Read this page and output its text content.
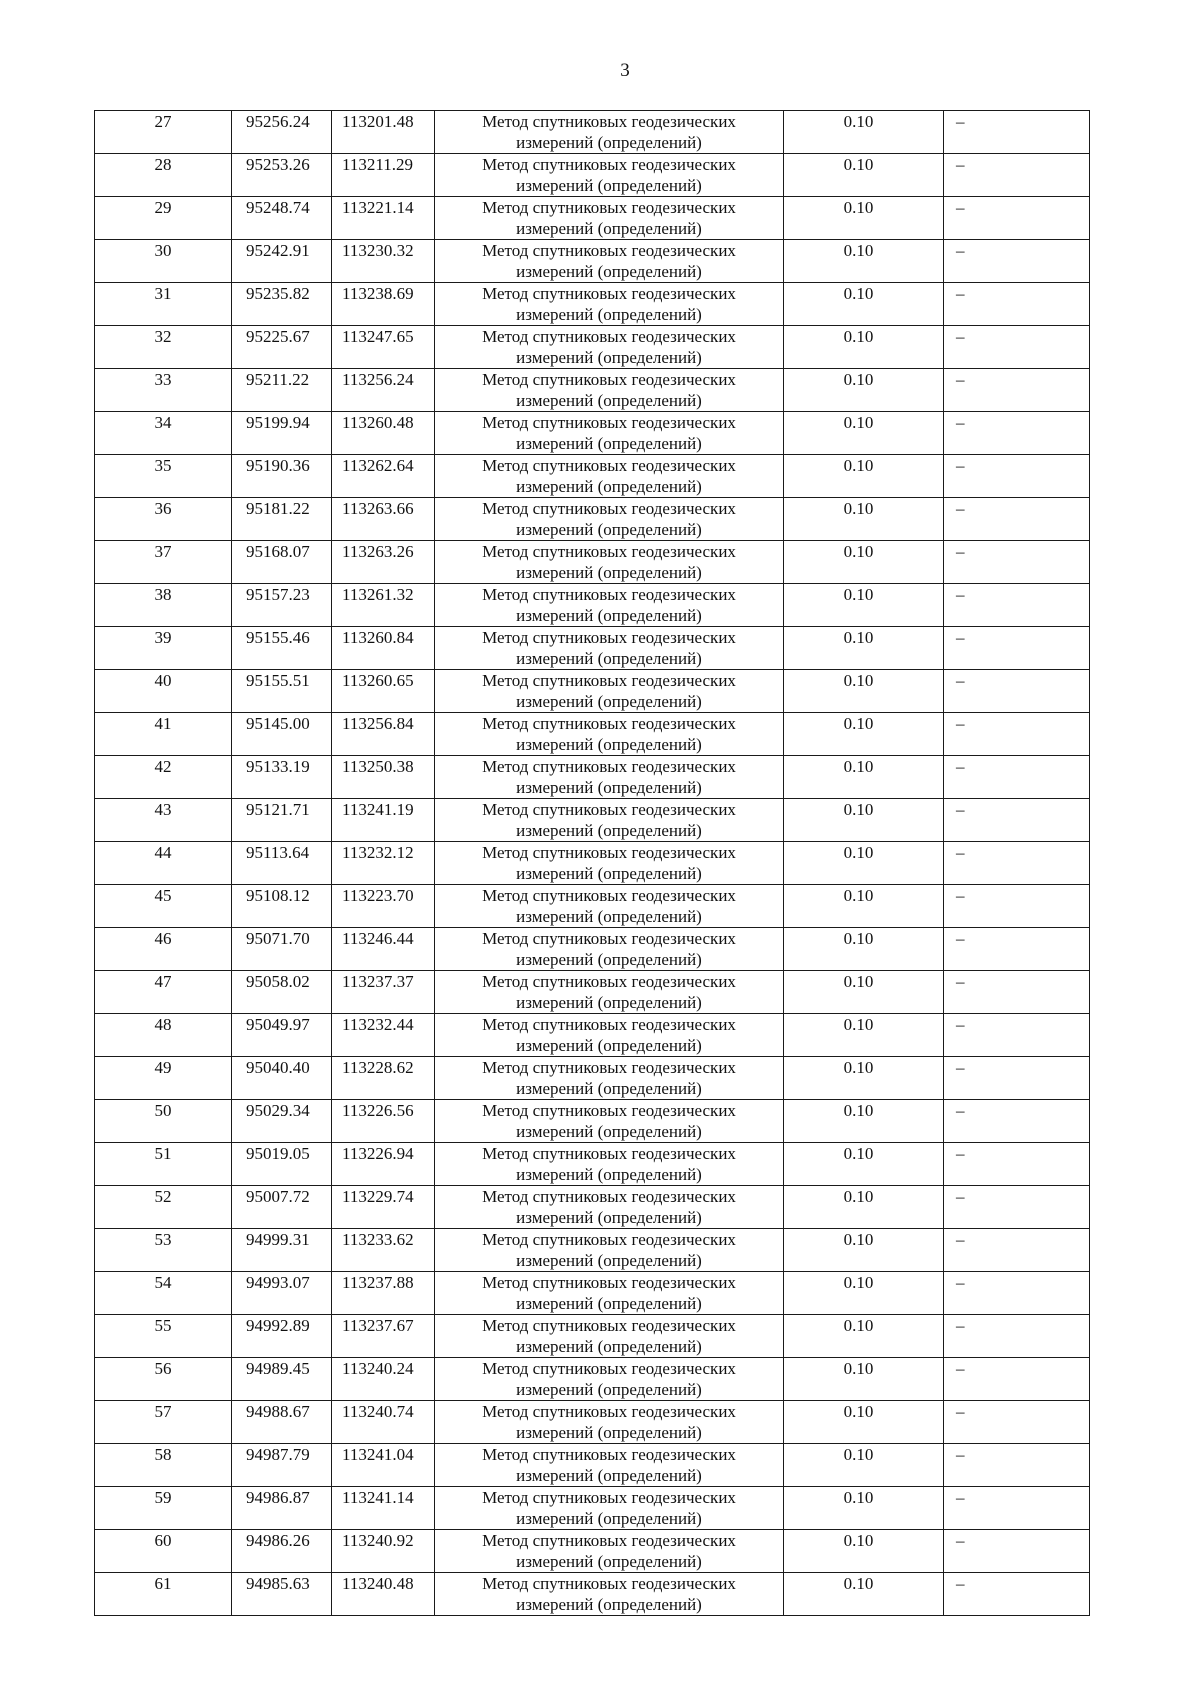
3
27	95256.24	113201.48	Метод спутниковых геодезических
измерений (определений)	0.10	–
28	95253.26	113211.29	Метод спутниковых геодезических
измерений (определений)	0.10	–
29	95248.74	113221.14	Метод спутниковых геодезических
измерений (определений)	0.10	–
30	95242.91	113230.32	Метод спутниковых геодезических
измерений (определений)	0.10	–
31	95235.82	113238.69	Метод спутниковых геодезических
измерений (определений)	0.10	–
32	95225.67	113247.65	Метод спутниковых геодезических
измерений (определений)	0.10	–
33	95211.22	113256.24	Метод спутниковых геодезических
измерений (определений)	0.10	–
34	95199.94	113260.48	Метод спутниковых геодезических
измерений (определений)	0.10	–
35	95190.36	113262.64	Метод спутниковых геодезических
измерений (определений)	0.10	–
36	95181.22	113263.66	Метод спутниковых геодезических
измерений (определений)	0.10	–
37	95168.07	113263.26	Метод спутниковых геодезических
измерений (определений)	0.10	–
38	95157.23	113261.32	Метод спутниковых геодезических
измерений (определений)	0.10	–
39	95155.46	113260.84	Метод спутниковых геодезических
измерений (определений)	0.10	–
40	95155.51	113260.65	Метод спутниковых геодезических
измерений (определений)	0.10	–
41	95145.00	113256.84	Метод спутниковых геодезических
измерений (определений)	0.10	–
42	95133.19	113250.38	Метод спутниковых геодезических
измерений (определений)	0.10	–
43	95121.71	113241.19	Метод спутниковых геодезических
измерений (определений)	0.10	–
44	95113.64	113232.12	Метод спутниковых геодезических
измерений (определений)	0.10	–
45	95108.12	113223.70	Метод спутниковых геодезических
измерений (определений)	0.10	–
46	95071.70	113246.44	Метод спутниковых геодезических
измерений (определений)	0.10	–
47	95058.02	113237.37	Метод спутниковых геодезических
измерений (определений)	0.10	–
48	95049.97	113232.44	Метод спутниковых геодезических
измерений (определений)	0.10	–
49	95040.40	113228.62	Метод спутниковых геодезических
измерений (определений)	0.10	–
50	95029.34	113226.56	Метод спутниковых геодезических
измерений (определений)	0.10	–
51	95019.05	113226.94	Метод спутниковых геодезических
измерений (определений)	0.10	–
52	95007.72	113229.74	Метод спутниковых геодезических
измерений (определений)	0.10	–
53	94999.31	113233.62	Метод спутниковых геодезических
измерений (определений)	0.10	–
54	94993.07	113237.88	Метод спутниковых геодезических
измерений (определений)	0.10	–
55	94992.89	113237.67	Метод спутниковых геодезических
измерений (определений)	0.10	–
56	94989.45	113240.24	Метод спутниковых геодезических
измерений (определений)	0.10	–
57	94988.67	113240.74	Метод спутниковых геодезических
измерений (определений)	0.10	–
58	94987.79	113241.04	Метод спутниковых геодезических
измерений (определений)	0.10	–
59	94986.87	113241.14	Метод спутниковых геодезических
измерений (определений)	0.10	–
60	94986.26	113240.92	Метод спутниковых геодезических
измерений (определений)	0.10	–
61	94985.63	113240.48	Метод спутниковых геодезических
измерений (определений)	0.10	–
